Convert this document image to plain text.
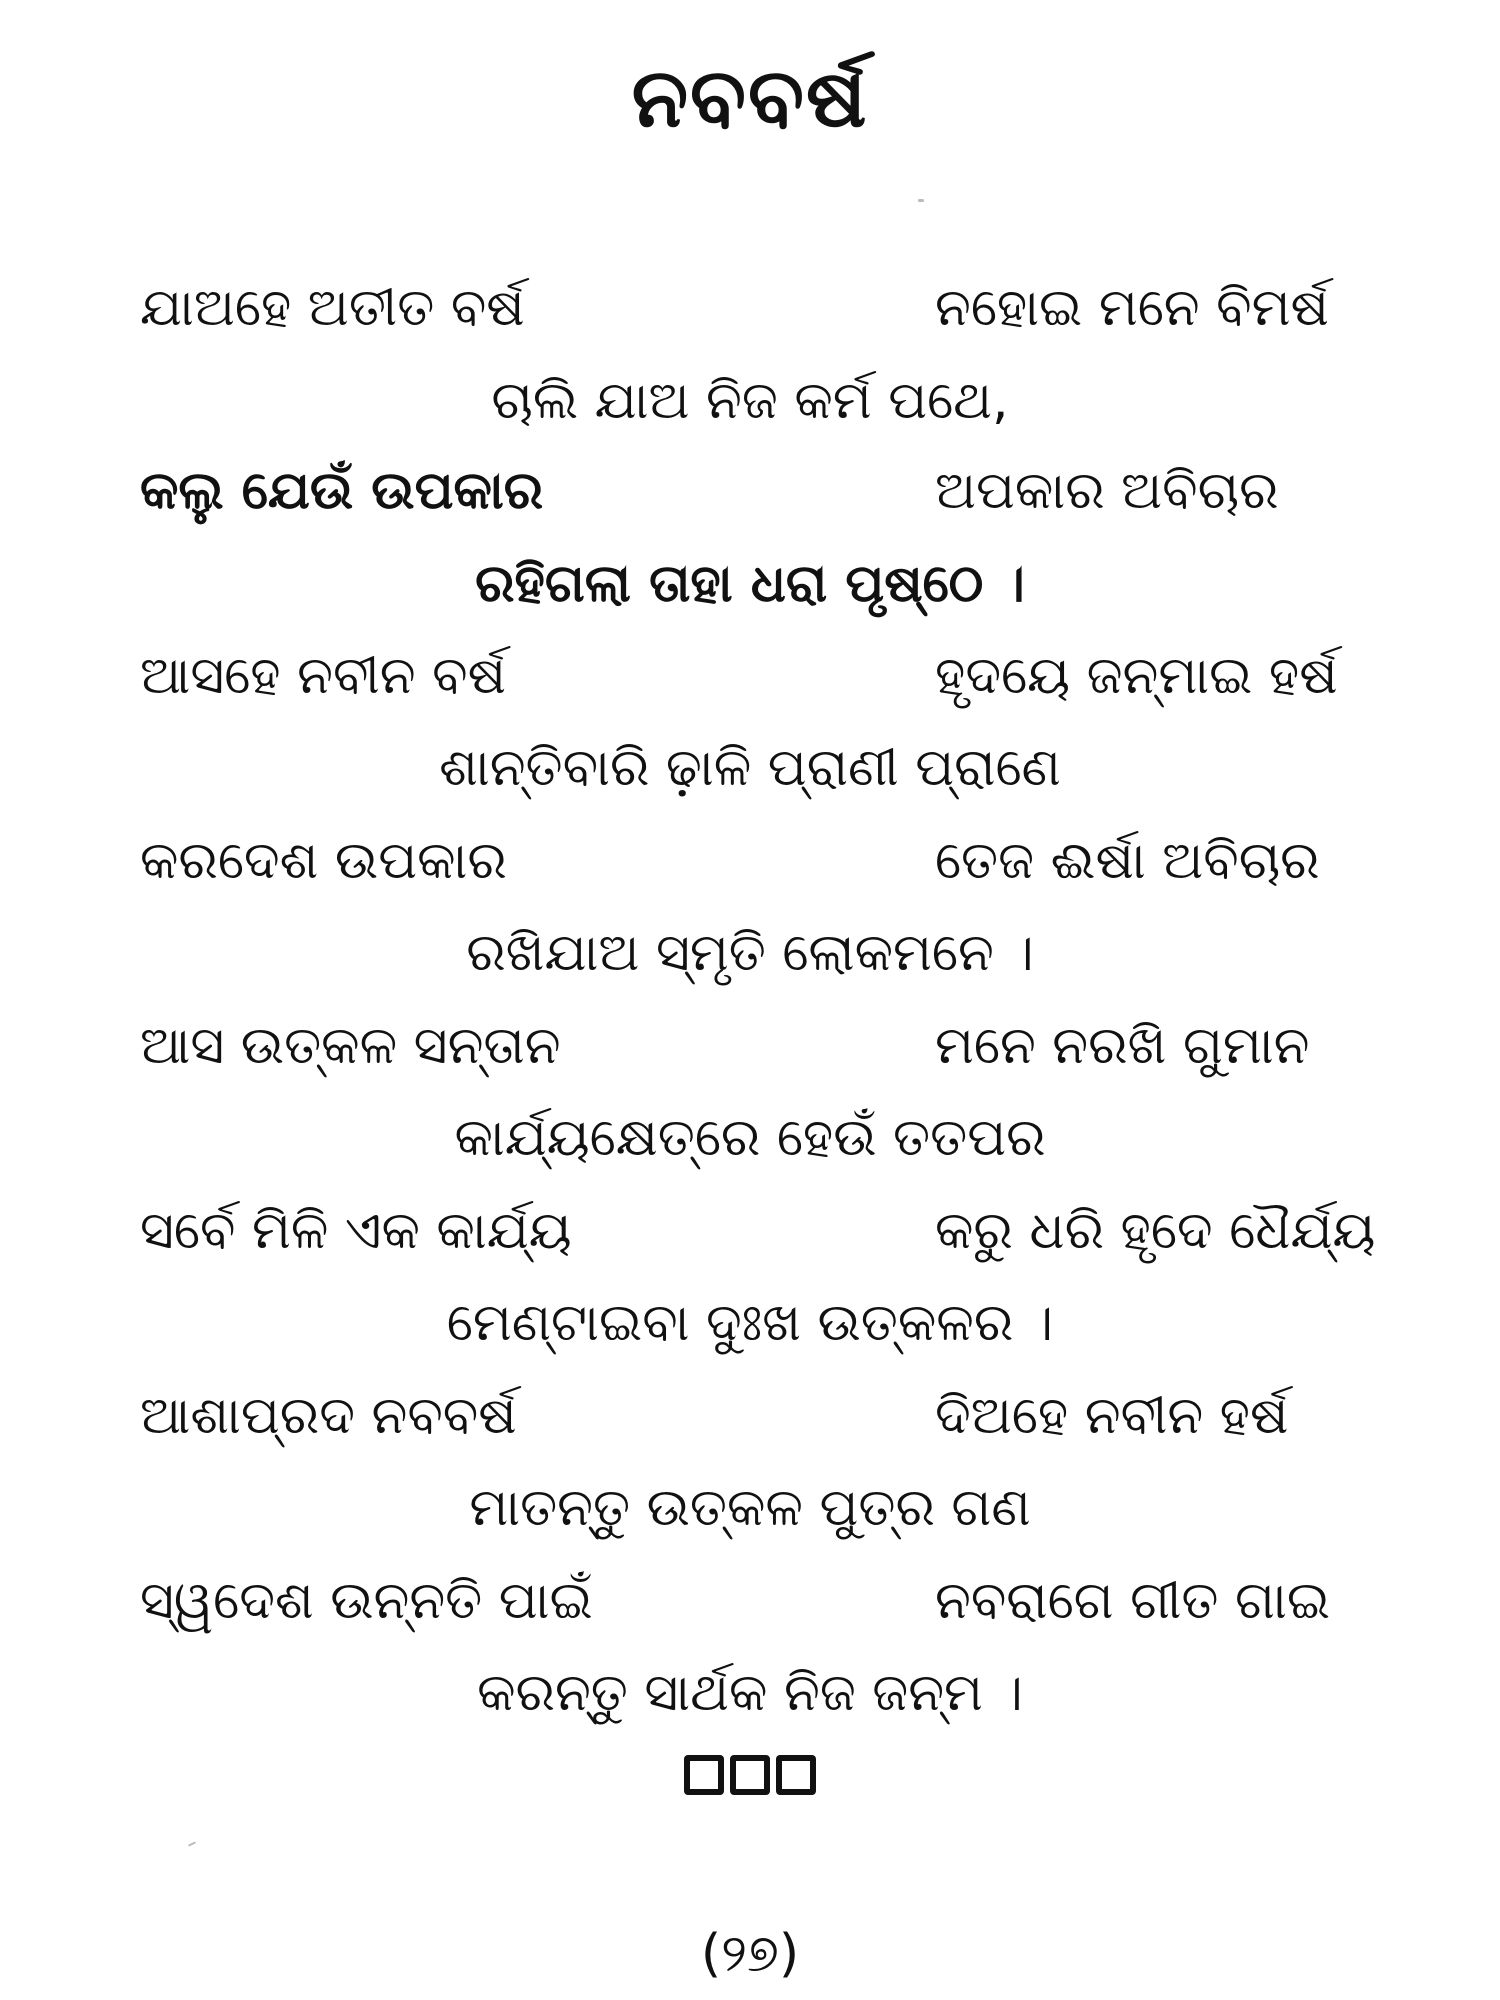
ନବବର୍ଷ
ଯାଅହେ ଅତୀତ ବର୍ଷ	ନହୋଇ ମନେ ବିମର୍ଷ
ଚାଲି ଯାଅ ନିଜ କର୍ମ ପଥେ,
କଲୁ ଯେଉଁ ଉପକାର	ଅପକାର ଅବିଚାର
ରହିଗଲା ତାହା ଧରା ପୃଷ୍ଠେ ।
ଆସହେ ନବୀନ ବର୍ଷ	ହୃଦୟେ ଜନ୍ମାଇ ହର୍ଷ
ଶାନ୍ତିବାରି ଢ଼ାଳି ପ୍ରାଣୀ ପ୍ରାଣେ
କରଦେଶ ଉପକାର	ତେଜ ଈର୍ଷା ଅବିଚାର
ରଖିଯାଅ ସ୍ମୃତି ଲୋକମନେ ।
ଆସ ଉତ୍କଳ ସନ୍ତାନ	ମନେ ନରଖି ଗୁମାନ
କାର୍ଯ୍ୟକ୍ଷେତ୍ରେ ହେଉଁ ତତପର
ସର୍ବେ ମିଳି ଏକ କାର୍ଯ୍ୟ	କରୁ ଧରି ହୃଦେ ଧୈର୍ଯ୍ୟ
ମେଣ୍ଟାଇବା ଦୁଃଖ ଉତ୍କଳର ।
ଆଶାପ୍ରଦ ନବବର୍ଷ	ଦିଅହେ ନବୀନ ହର୍ଷ
ମାତନ୍ତୁ ଉତ୍କଳ ପୁତ୍ର ଗଣ
ସ୍ୱଦେଶ ଉନ୍ନତି ପାଇଁ	ନବରାଗେ ଗୀତ ଗାଇ
କରନ୍ତୁ ସାର୍ଥକ ନିଜ ଜନ୍ମ ।
(୨୭)
